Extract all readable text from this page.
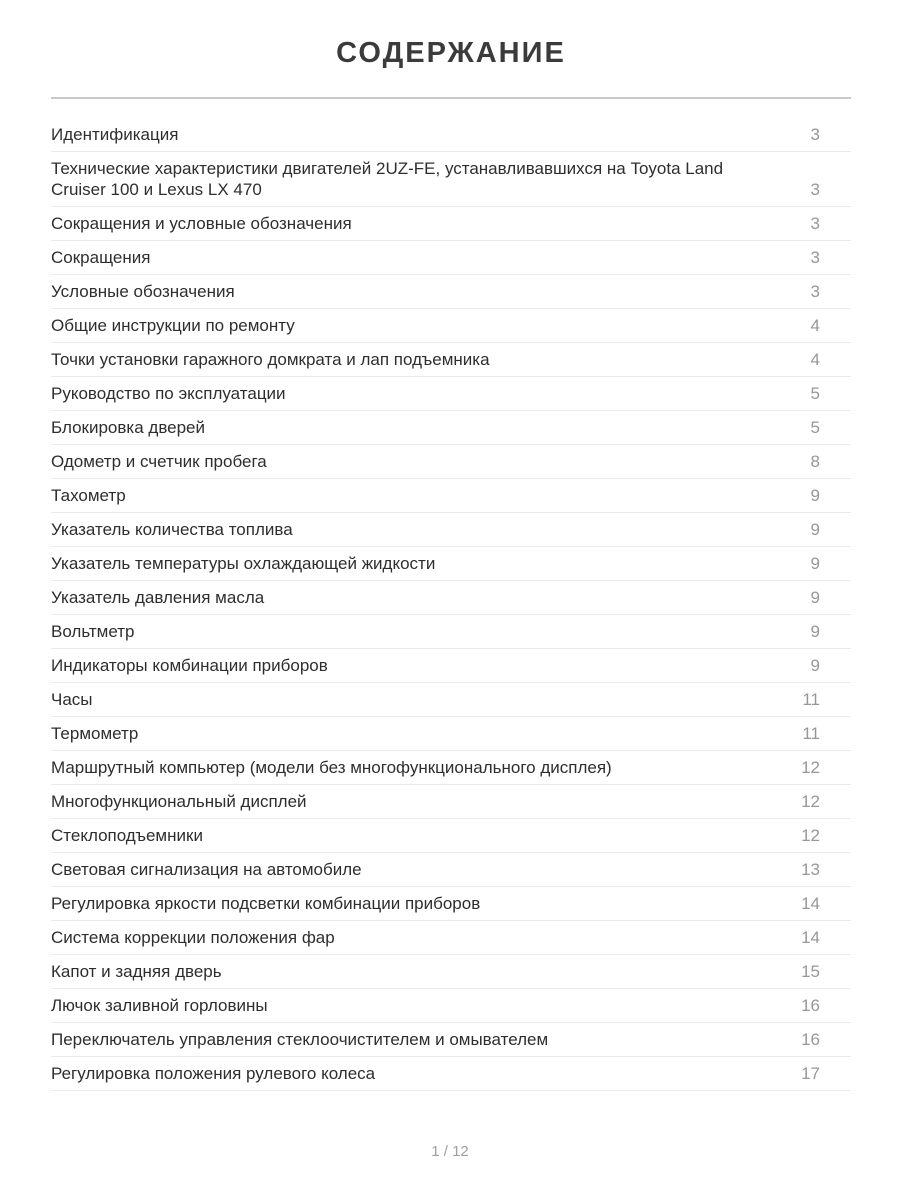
СОДЕРЖАНИЕ
Идентификация	3
Технические характеристики двигателей 2UZ-FE, устанавливавшихся на Toyota Land Cruiser 100 и Lexus LX 470	3
Сокращения и условные обозначения	3
Сокращения	3
Условные обозначения	3
Общие инструкции по ремонту	4
Точки установки гаражного домкрата и лап подъемника	4
Руководство по эксплуатации	5
Блокировка дверей	5
Одометр и счетчик пробега	8
Тахометр	9
Указатель количества топлива	9
Указатель температуры охлаждающей жидкости	9
Указатель давления масла	9
Вольтметр	9
Индикаторы комбинации приборов	9
Часы	11
Термометр	11
Маршрутный компьютер (модели без многофункционального дисплея)	12
Многофункциональный дисплей	12
Стеклоподъемники	12
Световая сигнализация на автомобиле	13
Регулировка яркости подсветки комбинации приборов	14
Система коррекции положения фар	14
Капот и задняя дверь	15
Лючок заливной горловины	16
Переключатель управления стеклоочистителем и омывателем	16
Регулировка положения рулевого колеса	17
1 / 12
